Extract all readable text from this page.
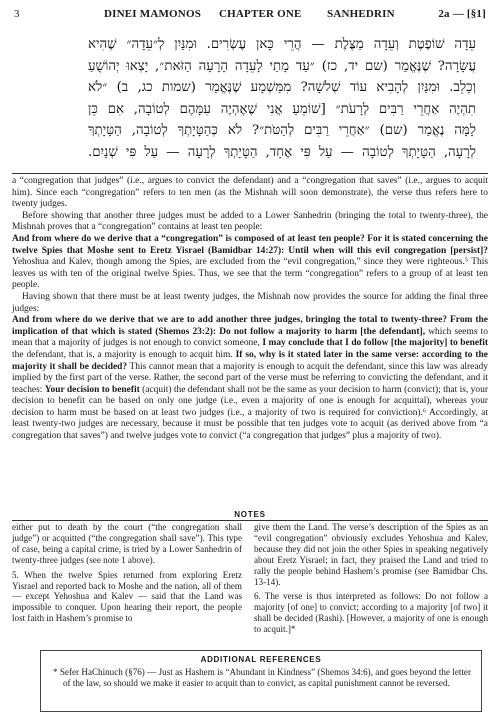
3	DINEI MAMONOS CHAPTER ONE SANHEDRIN	2a — [§1]
עֵדָה שׁוֹפֶטֶת וְעֵדָה מַצֶּלֶת — הֲרֵי כָּאן עֶשְׂרִים. וּמִנַּיִן לְ״עֵדָה״ שֶׁהִיא
עֲשָׂרָה? שֶׁנֶּאֱמַר (שם יד, כז) ״עַד מָתַי לָעֵדָה הָרָעָה הַזֹּאת״, יָצְאוּ יְהוֹשֻׁעַ
וְכָלֵב. וּמִנַּיִן לְהָבִיא עוֹד שְׁלֹשָׁה? מִמַּשְׁמָע שֶׁנֶּאֱמַר (שמות כג, ב) ״לֹא
תִהְיֶה אַחֲרֵי רַבִּים לְרָעֹת״ [שׁוֹמֵעַ אֲנִי שֶׁאֶהְיֶה עִמָּהֶם לְטוֹבָה, אִם כֵּן
לָמָּה נֶאֱמַר (שם) ״אַחֲרֵי רַבִּים לְהַטֹּת״? לֹא כְּהַטָּיָתְךָ לְטוֹבָה, הַטָּיָתְךָ
לְרָעָה, הַטָּיָתְךָ לְטוֹבָה — עַל פִּי אֶחָד, הַטָּיָתְךָ לְרָעָה — עַל פִּי שְׁנַיִם.

a “congregation that judges” (i.e., argues to convict the defendant) and a “congregation that saves” (i.e., argues to acquit him). Since each “congregation” refers to ten men (as the Mishnah will soon demonstrate), the verse thus refers here to twenty judges.

Before showing that another three judges must be added to a Lower Sanhedrin (bringing the total to twenty-three), the Mishnah proves that a “congregation” contains at least ten people:

And from where do we derive that a “congregation” is composed of at least ten people? For it is stated concerning the twelve Spies that Moshe sent to Eretz Yisrael (Bamidbar 14:27): Until when will this evil congregation [persist]? Yehoshua and Kalev, though among the Spies, are excluded from the “evil congregation,” since they were righteous.⁵ This leaves us with ten of the original twelve Spies. Thus, we see that the term “congregation” refers to a group of at least ten people.

Having shown that there must be at least twenty judges, the Mishnah now provides the source for adding the final three judges:

And from where do we derive that we are to add another three judges, bringing the total to twenty-three? From the implication of that which is stated (Shemos 23:2): Do not follow a majority to harm [the defendant], which seems to mean that a majority of judges is not enough to convict someone, I may conclude that I do follow [the majority] to benefit the defendant, that is, a majority is enough to acquit him. If so, why is it stated later in the same verse: according to the majority it shall be decided? This cannot mean that a majority is enough to acquit the defendant, since this law was already implied by the first part of the verse. Rather, the second part of the verse must be referring to convicting the defendant, and it teaches: Your decision to benefit (acquit) the defendant shall not be the same as your decision to harm (convict); that is, your decision to benefit can be based on only one judge (i.e., even a majority of one is enough for acquittal), whereas your decision to harm must be based on at least two judges (i.e., a majority of two is required for conviction).⁶ Accordingly, at least twenty-two judges are necessary, because it must be possible that ten judges vote to acquit (as derived above from “a congregation that saves”) and twelve judges vote to convict (“a congregation that judges” plus a majority of two).

NOTES

either put to death by the court (“the congregation shall judge”) or acquitted (“the congregation shall save”). This type of case, being a capital crime, is tried by a Lower Sanhedrin of twenty-three judges (see note 1 above).

5. When the twelve Spies returned from exploring Eretz Yisrael and reported back to Moshe and the nation, all of them — except Yehoshua and Kalev — said that the Land was impossible to conquer. Upon hearing their report, the people lost faith in Hashem’s promise to

give them the Land. The verse’s description of the Spies as an “evil congregation” obviously excludes Yehoshua and Kalev, because they did not join the other Spies in speaking negatively about Eretz Yisrael; in fact, they praised the Land and tried to rally the people behind Hashem’s promise (see Bamidbar Chs. 13-14).

6. The verse is thus interpreted as follows: Do not follow a majority [of one] to convict; according to a majority [of two] it shall be decided (Rashi). [However, a majority of one is enough to acquit.]*

ADDITIONAL REFERENCES
* Sefer HaChinuch (§76) — Just as Hashem is “Abundant in Kindness” (Shemos 34:6), and goes beyond the letter of the law, so should we make it easier to acquit than to convict, as capital punishment cannot be reversed.
